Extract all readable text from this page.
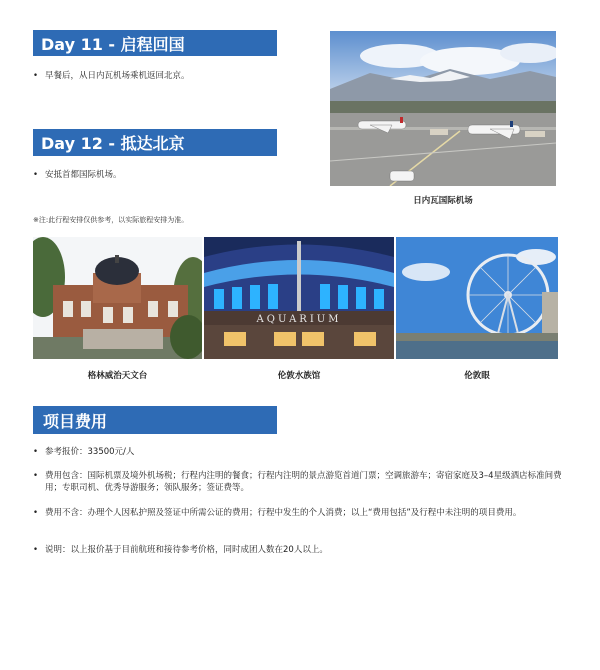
Day 11 - 启程回国
• 早餐后，从日内瓦机场乘机返回北京。
Day 12 - 抵达北京
• 安抵首都国际机场。
日内瓦国际机场
※注:此行程安排仅供参考，以实际旅程安排为准。
格林威治天文台
AQUARIUM
伦敦水族馆	伦敦眼
项目费用
• 参考报价：33500元/人
• 费用包含：国际机票及境外机场税；行程内注明的餐食；行程内注明的景点游览首道门票；空调旅游车；寄宿家庭及3–4星级酒店标准间费用；专职司机、优秀导游服务；领队服务；签证费等。
• 费用不含：办理个人因私护照及签证中所需公证的费用；行程中发生的个人消费；以上“费用包括”及行程中未注明的项目费用。
• 说明：以上报价基于目前航班和接待参考价格，同时成团人数在20人以上。
